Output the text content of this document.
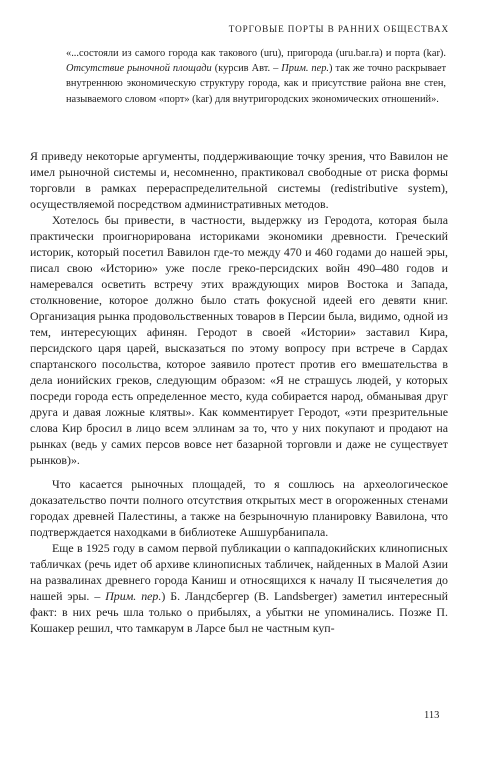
ТОРГОВЫЕ ПОРТЫ В РАННИХ ОБЩЕСТВАХ

«...состояли из самого города как такового (uru), пригорода (uru.bar.ra) и порта (kar). Отсутствие рыночной площади (курсив Авт. – Прим. пер.) так же точно раскрывает внутреннюю экономическую структуру города, как и присутствие района вне стен, называемого словом «порт» (kar) для внутригородских экономических отношений».

Я приведу некоторые аргументы, поддерживающие точку зрения, что Вавилон не имел рыночной системы и, несомненно, практиковал свободные от риска формы торговли в рамках перераспределительной системы (redistributive system), осуществляемой посредством административных методов.

Хотелось бы привести, в частности, выдержку из Геродота, которая была практически проигнорирована историками экономики древности. Греческий историк, который посетил Вавилон где-то между 470 и 460 годами до нашей эры, писал свою «Историю» уже после греко-персидских войн 490–480 годов и намеревался осветить встречу этих враждующих миров Востока и Запада, столкновение, которое должно было стать фокусной идеей его девяти книг. Организация рынка продовольственных товаров в Персии была, видимо, одной из тем, интересующих афинян. Геродот в своей «Истории» заставил Кира, персидского царя царей, высказаться по этому вопросу при встрече в Сардах спартанского посольства, которое заявило протест против его вмешательства в дела ионийских греков, следующим образом: «Я не страшусь людей, у которых посреди города есть определенное место, куда собирается народ, обманывая друг друга и давая ложные клятвы». Как комментирует Геродот, «эти презрительные слова Кир бросил в лицо всем эллинам за то, что у них покупают и продают на рынках (ведь у самих персов вовсе нет базарной торговли и даже не существует рынков)».

Что касается рыночных площадей, то я сошлюсь на археологическое доказательство почти полного отсутствия открытых мест в огороженных стенами городах древней Палестины, а также на безрыночную планировку Вавилона, что подтверждается находками в библиотеке Ашшурбанипала.

Еще в 1925 году в самом первой публикации о каппадокийских клинописных табличках (речь идет об архиве клинописных табличек, найденных в Малой Азии на развалинах древнего города Каниш и относящихся к началу II тысячелетия до нашей эры. – Прим. пер.) Б. Ландсбергер (B. Landsberger) заметил интересный факт: в них речь шла только о прибылях, а убытки не упоминались. Позже П. Кошакер решил, что тамкарум в Ларсе был не частным куп-

113
